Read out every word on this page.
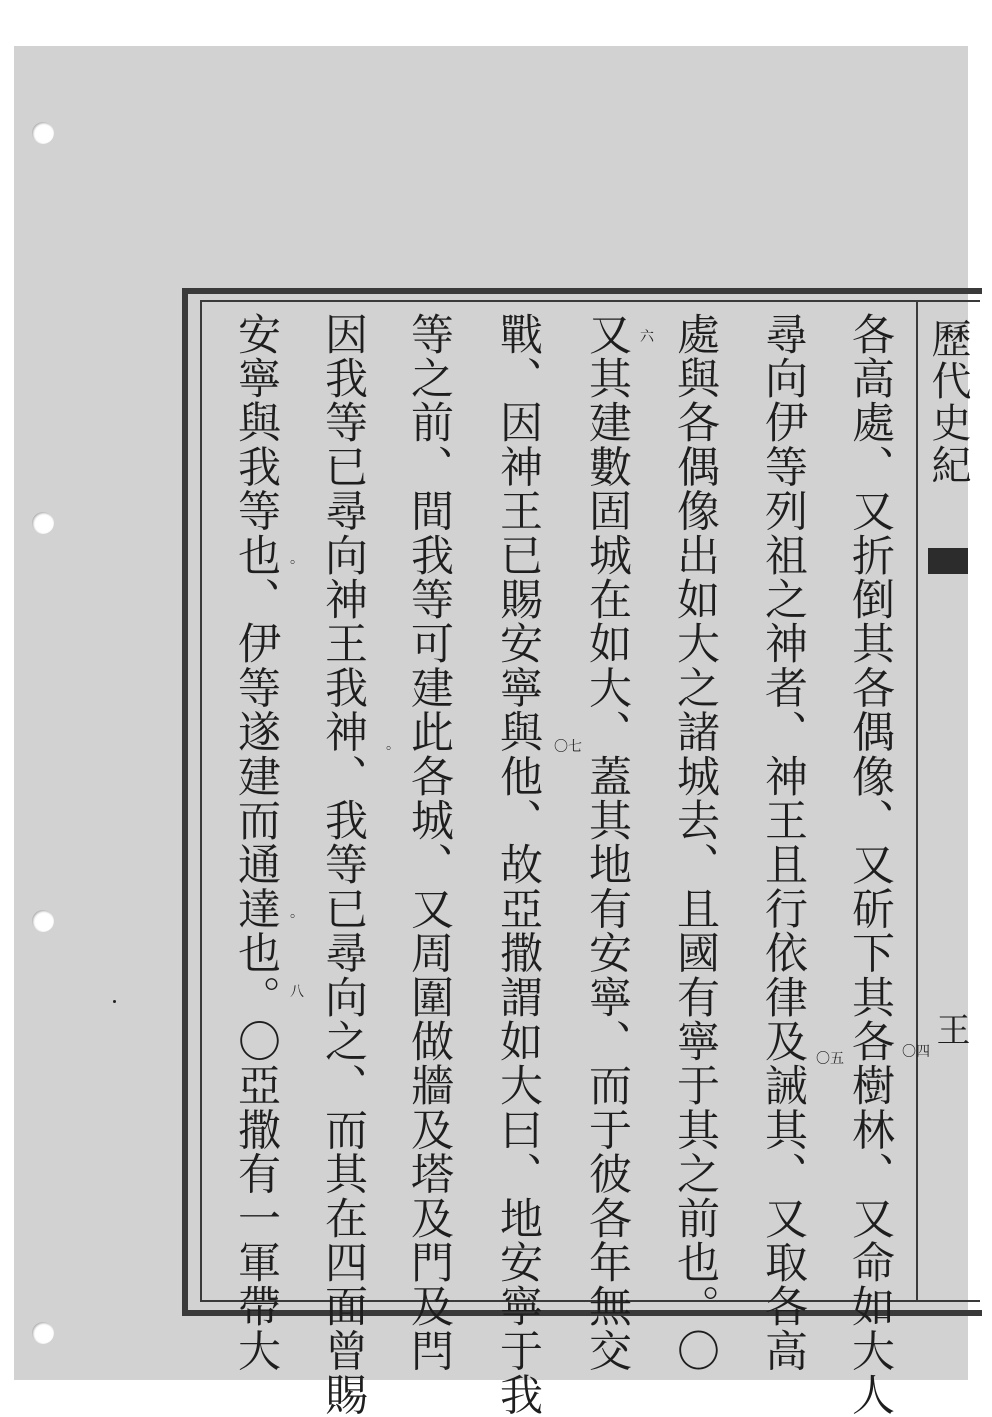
歷代史紀
王
各高處、又折倒其各偶像、又斫下其各樹林、又命如大人
尋向伊等列祖之神者、神王且行依律及誡其、又取各高
處與各偶像出如大之諸城去、且國有寧于其之前也。〇
又其建數固城在如大、蓋其地有安寧、而于彼各年無交
戰、因神王已賜安寧與他、故亞撒謂如大曰、地安寧于我
等之前、間我等可建此各城、又周圍做牆及塔及門及閂
因我等已尋向神王我神、我等已尋向之、而其在四面曾賜
安寧與我等也、伊等遂建而通達也。〇亞撒有一軍帶大	〇四
〇五
六
〇七
八
。
。
。
